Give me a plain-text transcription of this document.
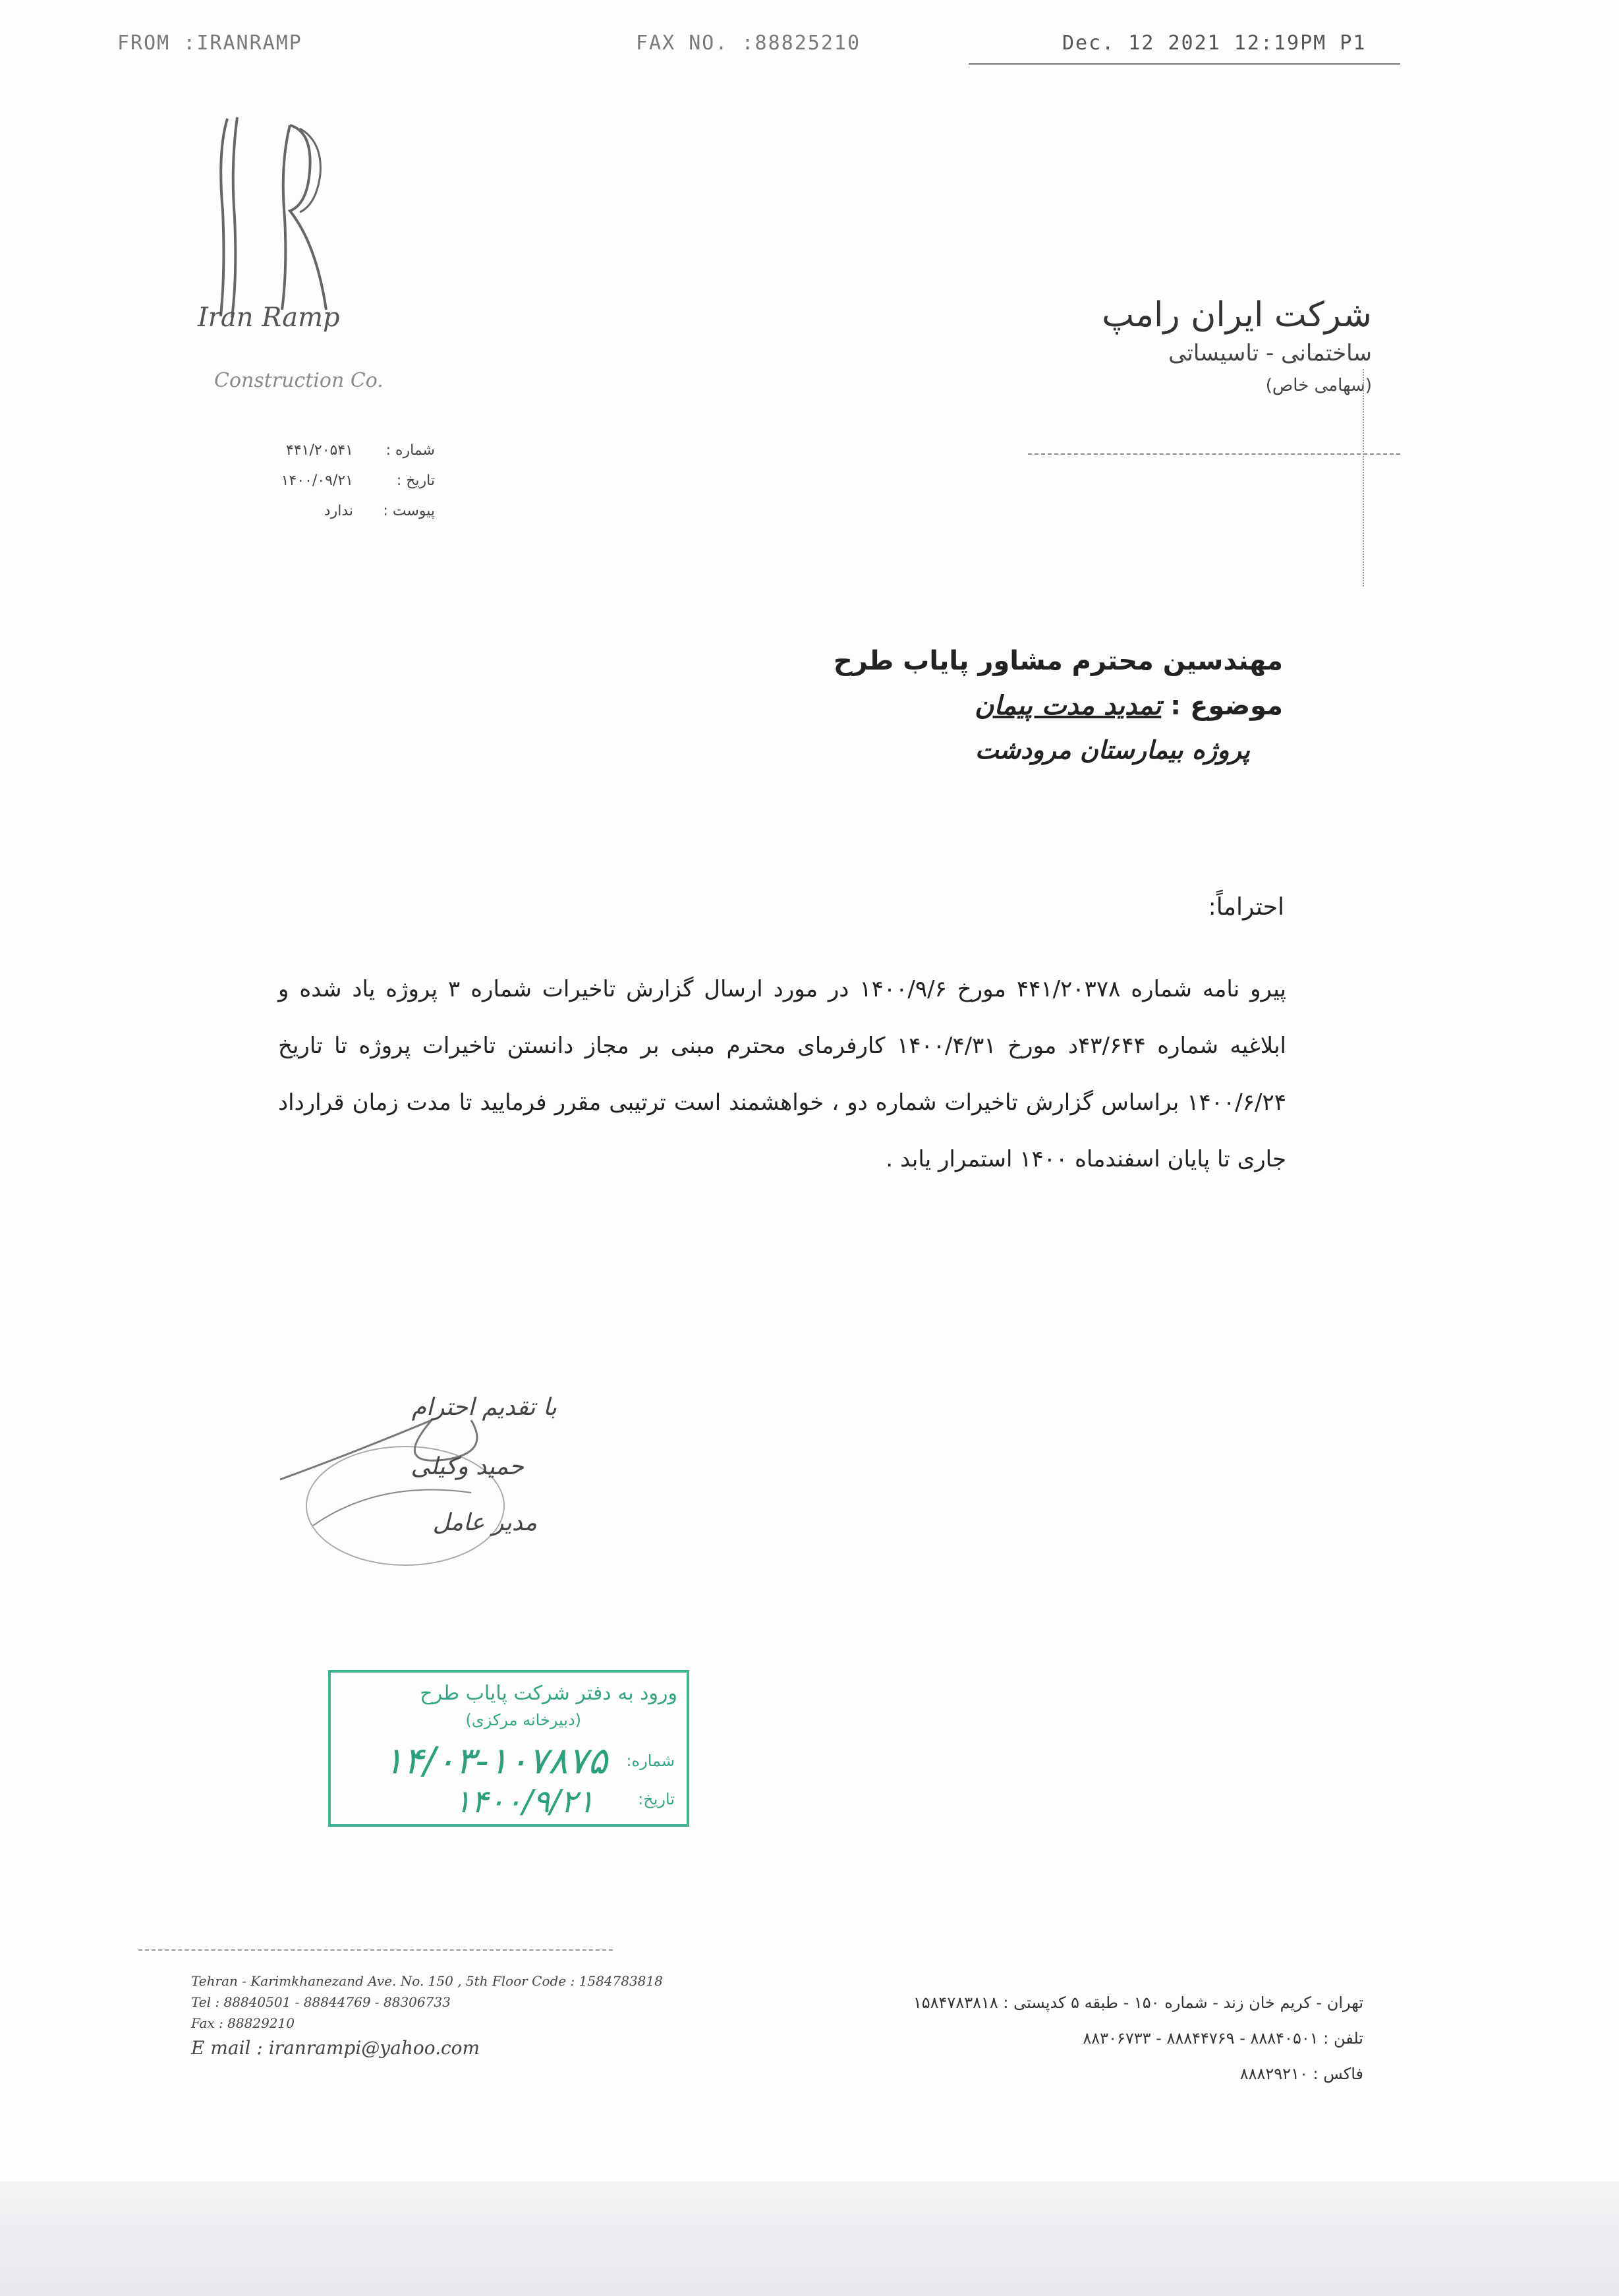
FROM :IRANRAMP	FAX NO. :88825210	Dec. 12 2021 12:19PM P1
Iran Ramp
Construction Co.
شرکت ایران رامپ
ساختمانی - تاسیساتی
(سهامی خاص)
شماره :
۴۴۱/۲۰۵۴۱
تاریخ :
۱۴۰۰/۰۹/۲۱
پیوست :
ندارد
مهندسین محترم مشاور پایاب طرح
موضوع : تمدید مدت پیمان
پروژه بیمارستان مرودشت
احتراماً:
پیرو نامه شماره ۴۴۱/۲۰۳۷۸ مورخ ۱۴۰۰/۹/۶ در مورد ارسال گزارش تاخیرات شماره ۳ پروژه یاد شده و ابلاغیه شماره ۴۳/۶۴۴د مورخ ۱۴۰۰/۴/۳۱ کارفرمای محترم مبنی بر مجاز دانستن تاخیرات پروژه تا تاریخ ۱۴۰۰/۶/۲۴ براساس گزارش تاخیرات شماره دو ، خواهشمند است ترتیبی مقرر فرمایید تا مدت زمان قرارداد جاری تا پایان اسفندماه ۱۴۰۰ استمرار یابد .
با تقدیم احترام
حمید وکیلی
مدیر عامل
ورود به دفتر شرکت پایاب طرح
(دبیرخانه مرکزی)
شماره:
۱۴/۰۳-۱۰۷۸۷۵
تاریخ:
۱۴۰۰/۹/۲۱
Tehran - Karimkhanezand Ave. No. 150 , 5th Floor Code : 1584783818
Tel : 88840501 - 88844769 - 88306733
Fax : 88829210
E mail : iranrampi@yahoo.com
تهران - کریم خان زند - شماره ۱۵۰ - طبقه ۵ کدپستی : ۱۵۸۴۷۸۳۸۱۸
تلفن : ۸۸۸۴۰۵۰۱ - ۸۸۸۴۴۷۶۹ - ۸۸۳۰۶۷۳۳
فاکس : ۸۸۸۲۹۲۱۰
